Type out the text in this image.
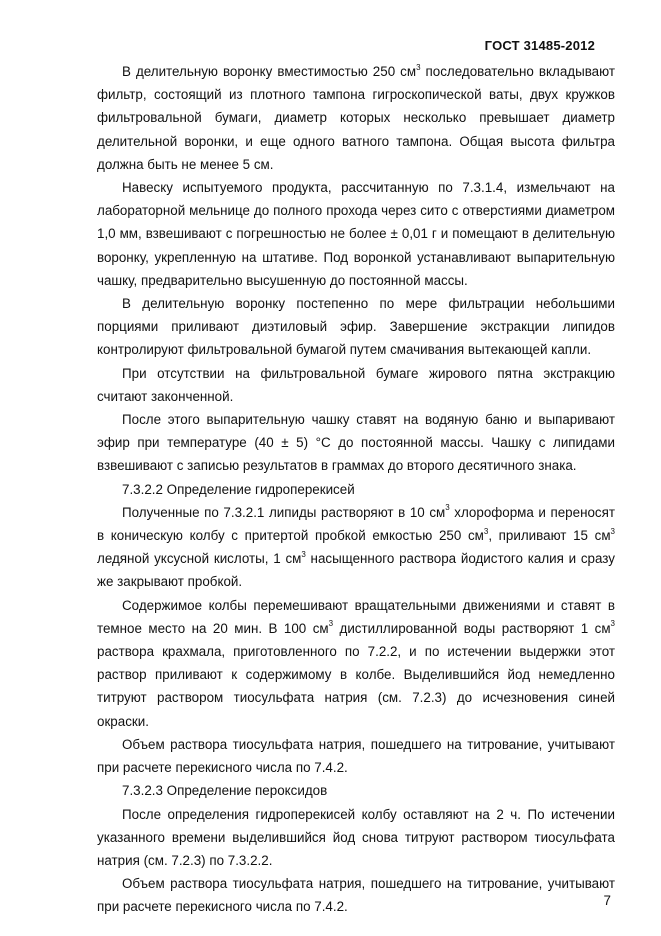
ГОСТ 31485-2012

В делительную воронку вместимостью 250 $см^3$ последовательно вкладывают фильтр, состоящий из плотного тампона гигроскопической ваты, двух кружков фильтровальной бумаги, диаметр которых несколько превышает диаметр делительной воронки, и еще одного ватного тампона. Общая высота фильтра должна быть не менее 5 см.

Навеску испытуемого продукта, рассчитанную по 7.3.1.4, измельчают на лабораторной мельнице до полного прохода через сито с отверстиями диаметром 1,0 мм, взвешивают с погрешностью не более ± 0,01 г и помещают в делительную воронку, укрепленную на штативе. Под воронкой устанавливают выпарительную чашку, предварительно высушенную до постоянной массы.

В делительную воронку постепенно по мере фильтрации небольшими порциями приливают диэтиловый эфир. Завершение экстракции липидов контролируют фильтровальной бумагой путем смачивания вытекающей капли.

При отсутствии на фильтровальной бумаге жирового пятна экстракцию считают законченной.

После этого выпарительную чашку ставят на водяную баню и выпаривают эфир при температуре (40 ± 5) °С до постоянной массы. Чашку с липидами взвешивают с записью результатов в граммах до второго десятичного знака.

7.3.2.2 Определение гидроперекисей

Полученные по 7.3.2.1 липиды растворяют в 10 $см^3$ хлороформа и переносят в коническую колбу с притертой пробкой емкостью 250 $см^3$, приливают 15 $см^3$ ледяной уксусной кислоты, 1 $см^3$ насыщенного раствора йодистого калия и сразу же закрывают пробкой.

Содержимое колбы перемешивают вращательными движениями и ставят в темное место на 20 мин. В 100 $см^3$ дистиллированной воды растворяют 1 $см^3$ раствора крахмала, приготовленного по 7.2.2, и по истечении выдержки этот раствор приливают к содержимому в колбе. Выделившийся йод немедленно титруют раствором тиосульфата натрия (см. 7.2.3) до исчезновения синей окраски.

Объем раствора тиосульфата натрия, пошедшего на титрование, учитывают при расчете перекисного числа по 7.4.2.

7.3.2.3 Определение пероксидов

После определения гидроперекисей колбу оставляют на 2 ч. По истечении указанного времени выделившийся йод снова титруют раствором тиосульфата натрия (см. 7.2.3) по 7.3.2.2.

Объем раствора тиосульфата натрия, пошедшего на титрование, учитывают при расчете перекисного числа по 7.4.2.	7
